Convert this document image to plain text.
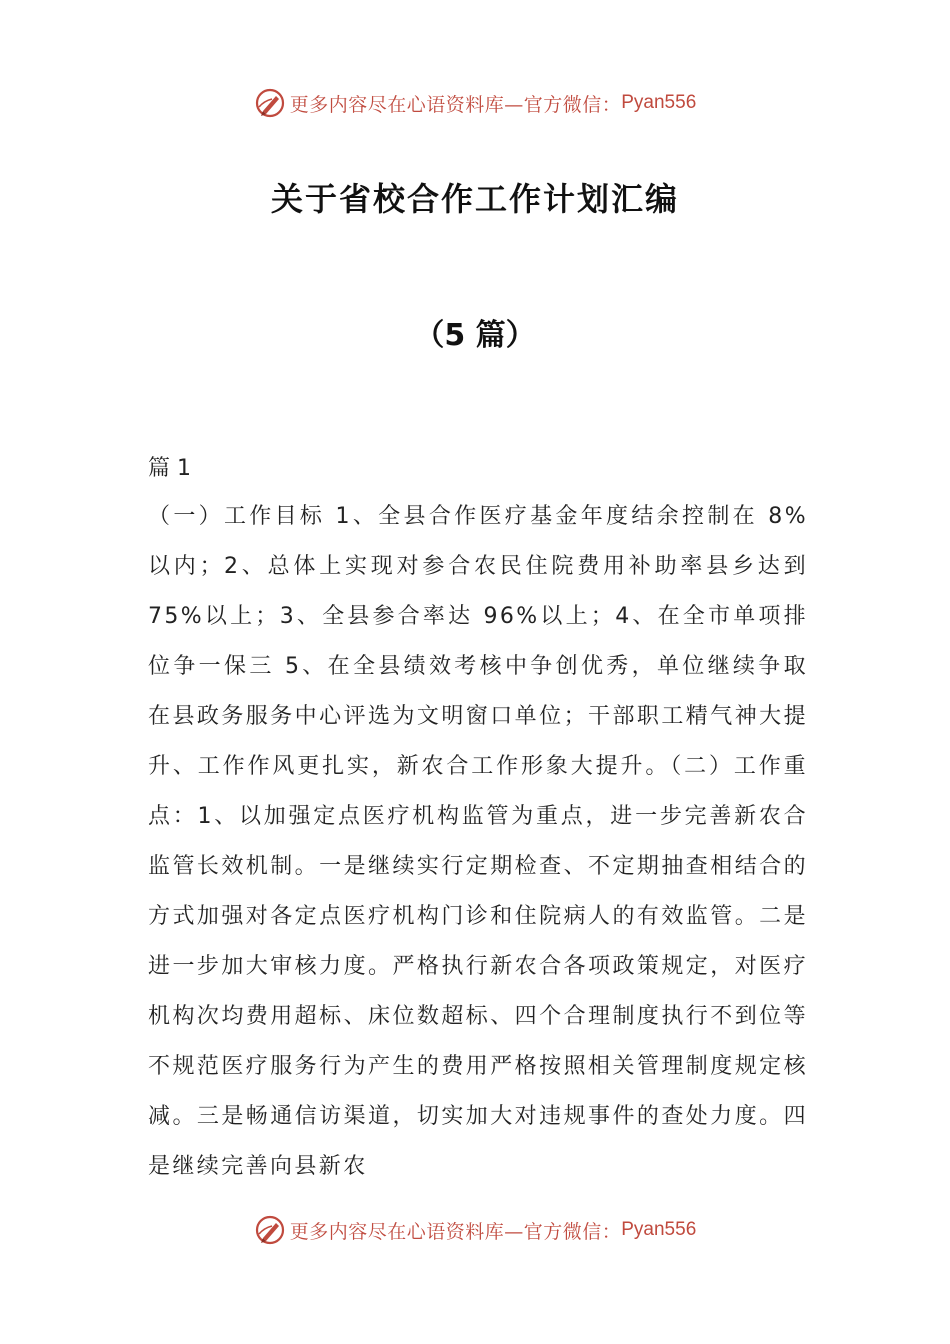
更多内容尽在心语资料库—官方微信： Pyan556
关于省校合作工作计划汇编
（5 篇）
篇 1

（一）工作目标 1、全县合作医疗基金年度结余控制在 8%以内；2、总体上实现对参合农民住院费用补助率县乡达到 75%以上；3、全县参合率达 96%以上；4、在全市单项排位争一保三 5、在全县绩效考核中争创优秀，单位继续争取在县政务服务中心评选为文明窗口单位；干部职工精气神大提升、工作作风更扎实，新农合工作形象大提升。（二）工作重点：1、以加强定点医疗机构监管为重点，进一步完善新农合监管长效机制。一是继续实行定期检查、不定期抽查相结合的方式加强对各定点医疗机构门诊和住院病人的有效监管。二是进一步加大审核力度。严格执行新农合各项政策规定，对医疗机构次均费用超标、床位数超标、四个合理制度执行不到位等不规范医疗服务行为产生的费用严格按照相关管理制度规定核减。三是畅通信访渠道，切实加大对违规事件的查处力度。四是继续完善向县新农

更多内容尽在心语资料库—官方微信： Pyan556
